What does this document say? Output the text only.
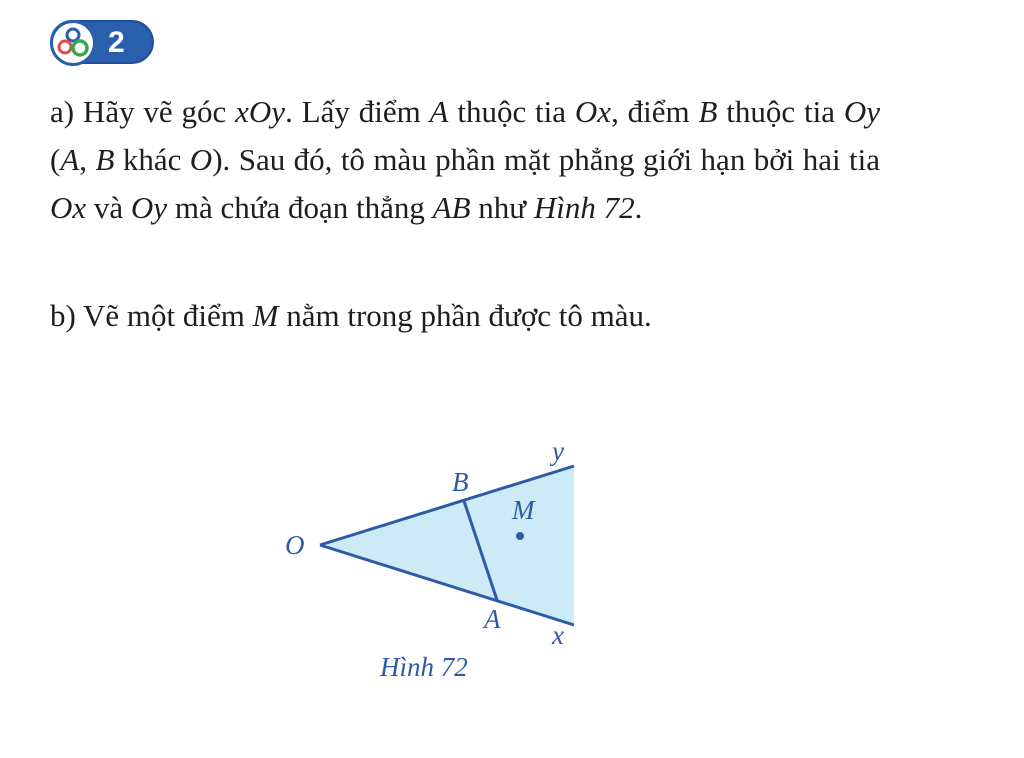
2
a) Hãy vẽ góc xOy. Lấy điểm A thuộc tia Ox, điểm B thuộc tia Oy (A, B khác O). Sau đó, tô màu phần mặt phẳng giới hạn bởi hai tia Ox và Oy mà chứa đoạn thẳng AB như Hình 72.
b) Vẽ một điểm M nằm trong phần được tô màu.
O
B
M
y
A
x
Hình 72
